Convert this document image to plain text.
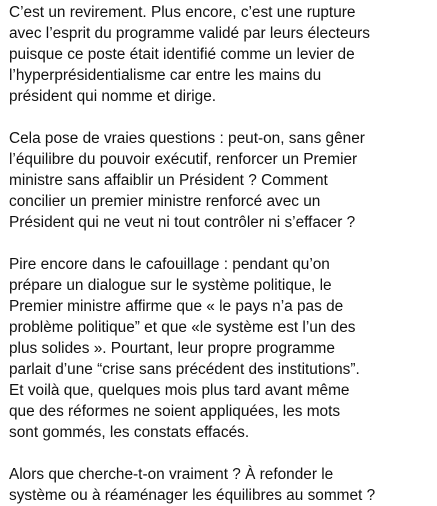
C’est un revirement. Plus encore, c’est une rupture
avec l’esprit du programme validé par leurs électeurs
puisque ce poste était identifié comme un levier de
l’hyperprésidentialisme car entre les mains du
président qui nomme et dirige.

Cela pose de vraies questions : peut-on, sans gêner
l’équilibre du pouvoir exécutif, renforcer un Premier
ministre sans affaiblir un Président ? Comment
concilier un premier ministre renforcé avec un
Président qui ne veut ni tout contrôler ni s’effacer ?

Pire encore dans le cafouillage : pendant qu’on
prépare un dialogue sur le système politique, le
Premier ministre affirme que « le pays n’a pas de
problème politique” et que «le système est l’un des
plus solides ». Pourtant, leur propre programme
parlait d’une “crise sans précédent des institutions”.
Et voilà que, quelques mois plus tard avant même
que des réformes ne soient appliquées, les mots
sont gommés, les constats effacés.

Alors que cherche-t-on vraiment ? À refonder le
système ou à réaménager les équilibres au sommet ?
